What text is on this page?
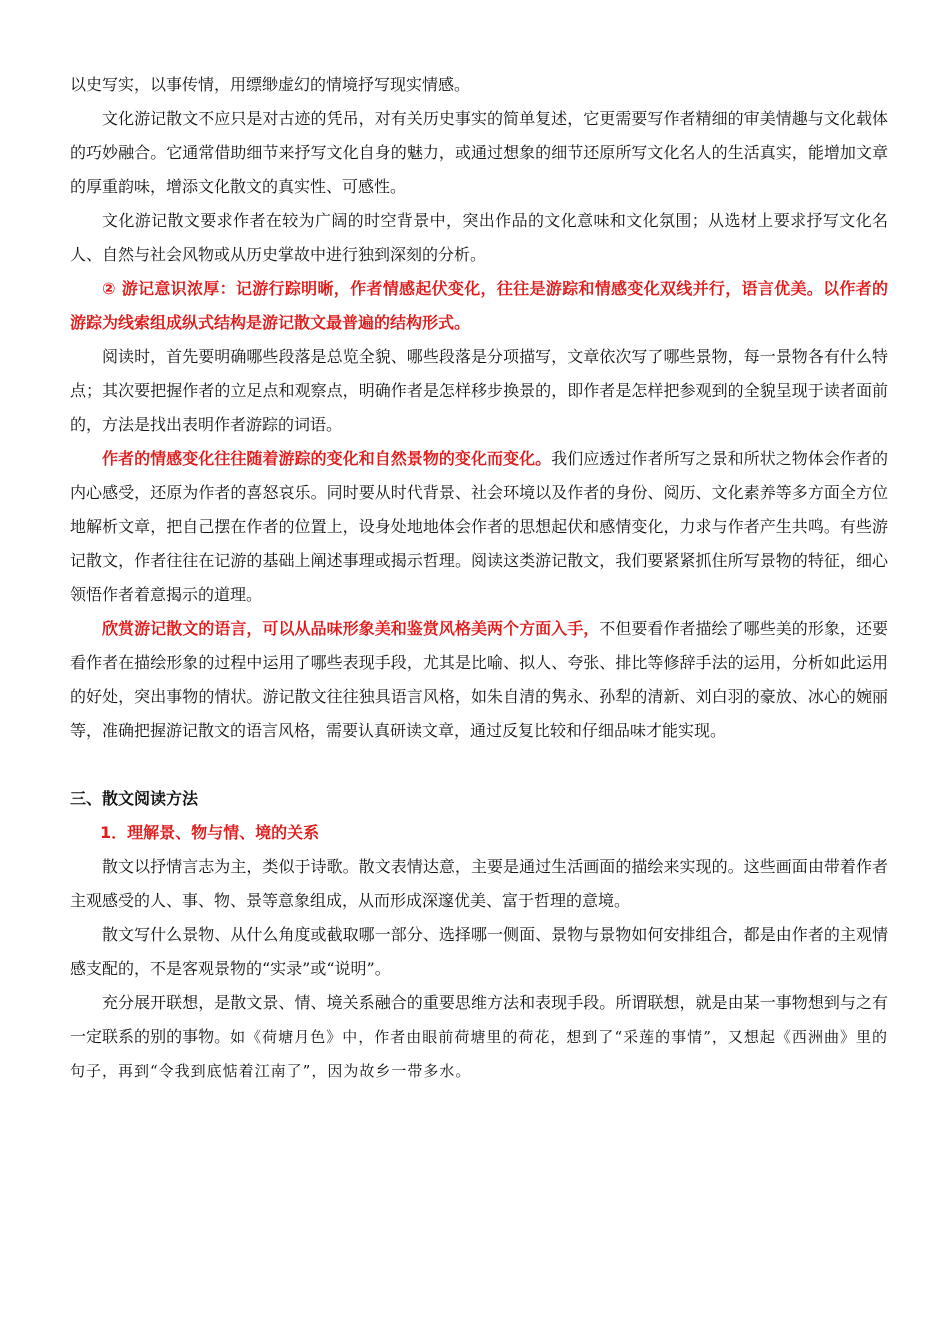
以史写实，以事传情，用缥缈虚幻的情境抒写现实情感。

文化游记散文不应只是对古迹的凭吊，对有关历史事实的简单复述，它更需要写作者精细的审美情趣与文化载体的巧妙融合。它通常借助细节来抒写文化自身的魅力，或通过想象的细节还原所写文化名人的生活真实，能增加文章的厚重韵味，增添文化散文的真实性、可感性。

文化游记散文要求作者在较为广阔的时空背景中，突出作品的文化意味和文化氛围；从选材上要求抒写文化名人、自然与社会风物或从历史掌故中进行独到深刻的分析。

② 游记意识浓厚：记游行踪明晰，作者情感起伏变化，往往是游踪和情感变化双线并行，语言优美。以作者的游踪为线索组成纵式结构是游记散文最普遍的结构形式。

阅读时，首先要明确哪些段落是总览全貌、哪些段落是分项描写，文章依次写了哪些景物，每一景物各有什么特点；其次要把握作者的立足点和观察点，明确作者是怎样移步换景的，即作者是怎样把参观到的全貌呈现于读者面前的，方法是找出表明作者游踪的词语。

作者的情感变化往往随着游踪的变化和自然景物的变化而变化。我们应透过作者所写之景和所状之物体会作者的内心感受，还原为作者的喜怒哀乐。同时要从时代背景、社会环境以及作者的身份、阅历、文化素养等多方面全方位地解析文章，把自己摆在作者的位置上，设身处地地体会作者的思想起伏和感情变化，力求与作者产生共鸣。有些游记散文，作者往往在记游的基础上阐述事理或揭示哲理。阅读这类游记散文，我们要紧紧抓住所写景物的特征，细心领悟作者着意揭示的道理。

欣赏游记散文的语言，可以从品味形象美和鉴赏风格美两个方面入手，不但要看作者描绘了哪些美的形象，还要看作者在描绘形象的过程中运用了哪些表现手段，尤其是比喻、拟人、夸张、排比等修辞手法的运用，分析如此运用的好处，突出事物的情状。游记散文往往独具语言风格，如朱自清的隽永、孙犁的清新、刘白羽的豪放、冰心的婉丽等，准确把握游记散文的语言风格，需要认真研读文章，通过反复比较和仔细品味才能实现。

三、散文阅读方法
1．理解景、物与情、境的关系

散文以抒情言志为主，类似于诗歌。散文表情达意，主要是通过生活画面的描绘来实现的。这些画面由带着作者主观感受的人、事、物、景等意象组成，从而形成深邃优美、富于哲理的意境。

散文写什么景物、从什么角度或截取哪一部分、选择哪一侧面、景物与景物如何安排组合，都是由作者的主观情感支配的，不是客观景物的“实录”或“说明”。

充分展开联想，是散文景、情、境关系融合的重要思维方法和表现手段。所谓联想，就是由某一事物想到与之有一定联系的别的事物。如《荷塘月色》中，作者由眼前荷塘里的荷花，想到了“采莲的事情”，又想起《西洲曲》里的句子，再到“令我到底惦着江南了”，因为故乡一带多水。
